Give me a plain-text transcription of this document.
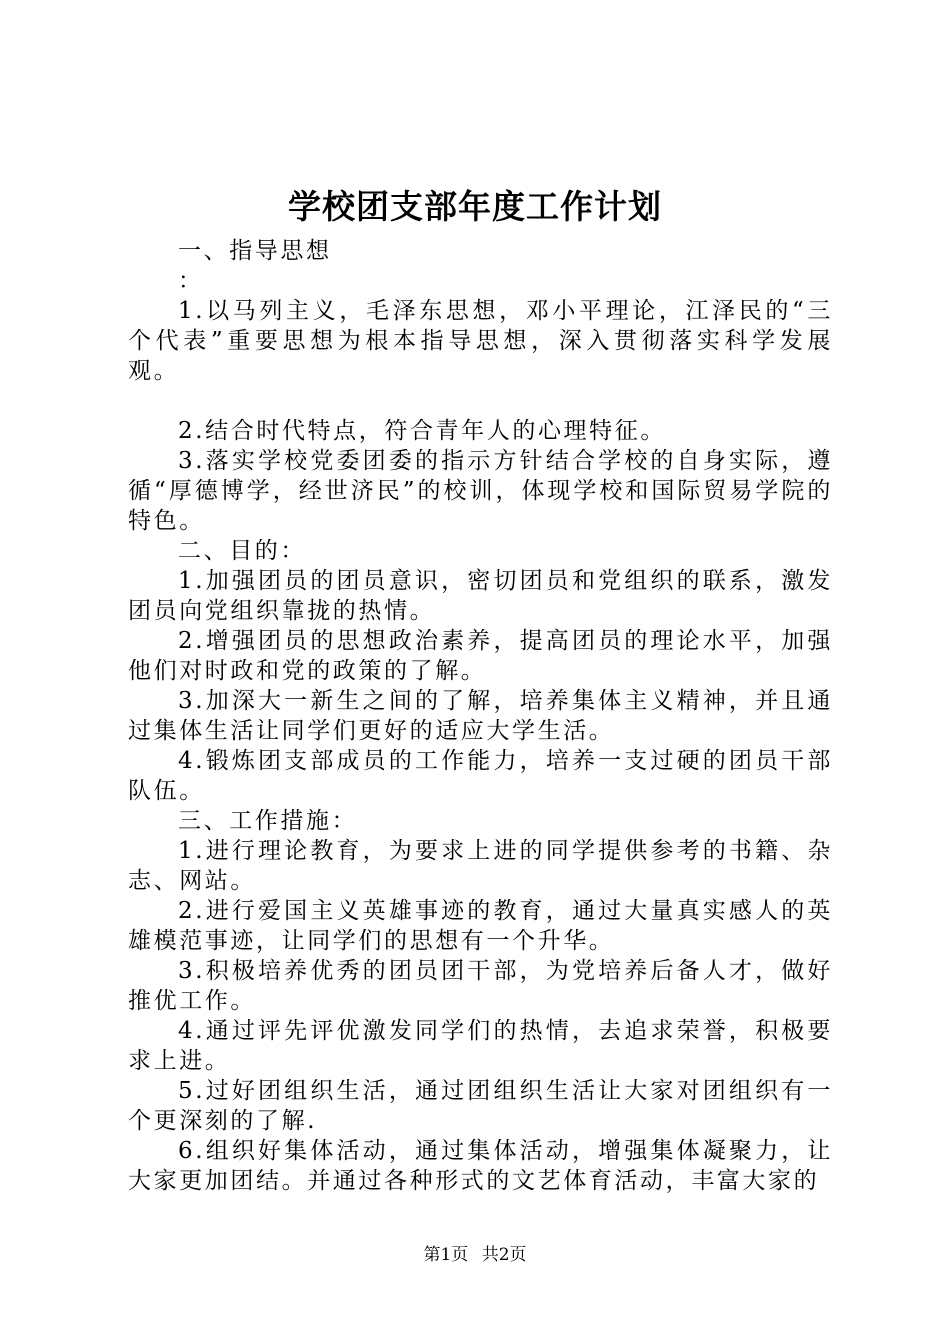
学校团支部年度工作计划

一、指导思想

：

1.以马列主义，毛泽东思想，邓小平理论，江泽民的“三个代表”重要思想为根本指导思想，深入贯彻落实科学发展观。

2.结合时代特点，符合青年人的心理特征。

3.落实学校党委团委的指示方针结合学校的自身实际，遵循“厚德博学，经世济民”的校训，体现学校和国际贸易学院的特色。

二、目的：

1.加强团员的团员意识，密切团员和党组织的联系，激发团员向党组织靠拢的热情。

2.增强团员的思想政治素养，提高团员的理论水平，加强他们对时政和党的政策的了解。

3.加深大一新生之间的了解，培养集体主义精神，并且通过集体生活让同学们更好的适应大学生活。

4.锻炼团支部成员的工作能力，培养一支过硬的团员干部队伍。

三、工作措施：

1.进行理论教育，为要求上进的同学提供参考的书籍、杂志、网站。

2.进行爱国主义英雄事迹的教育，通过大量真实感人的英雄模范事迹，让同学们的思想有一个升华。

3.积极培养优秀的团员团干部，为党培养后备人才，做好推优工作。

4.通过评先评优激发同学们的热情，去追求荣誉，积极要求上进。

5.过好团组织生活，通过团组织生活让大家对团组织有一个更深刻的了解.

6.组织好集体活动，通过集体活动，增强集体凝聚力，让大家更加团结。并通过各种形式的文艺体育活动，丰富大家的

第1页 共2页
